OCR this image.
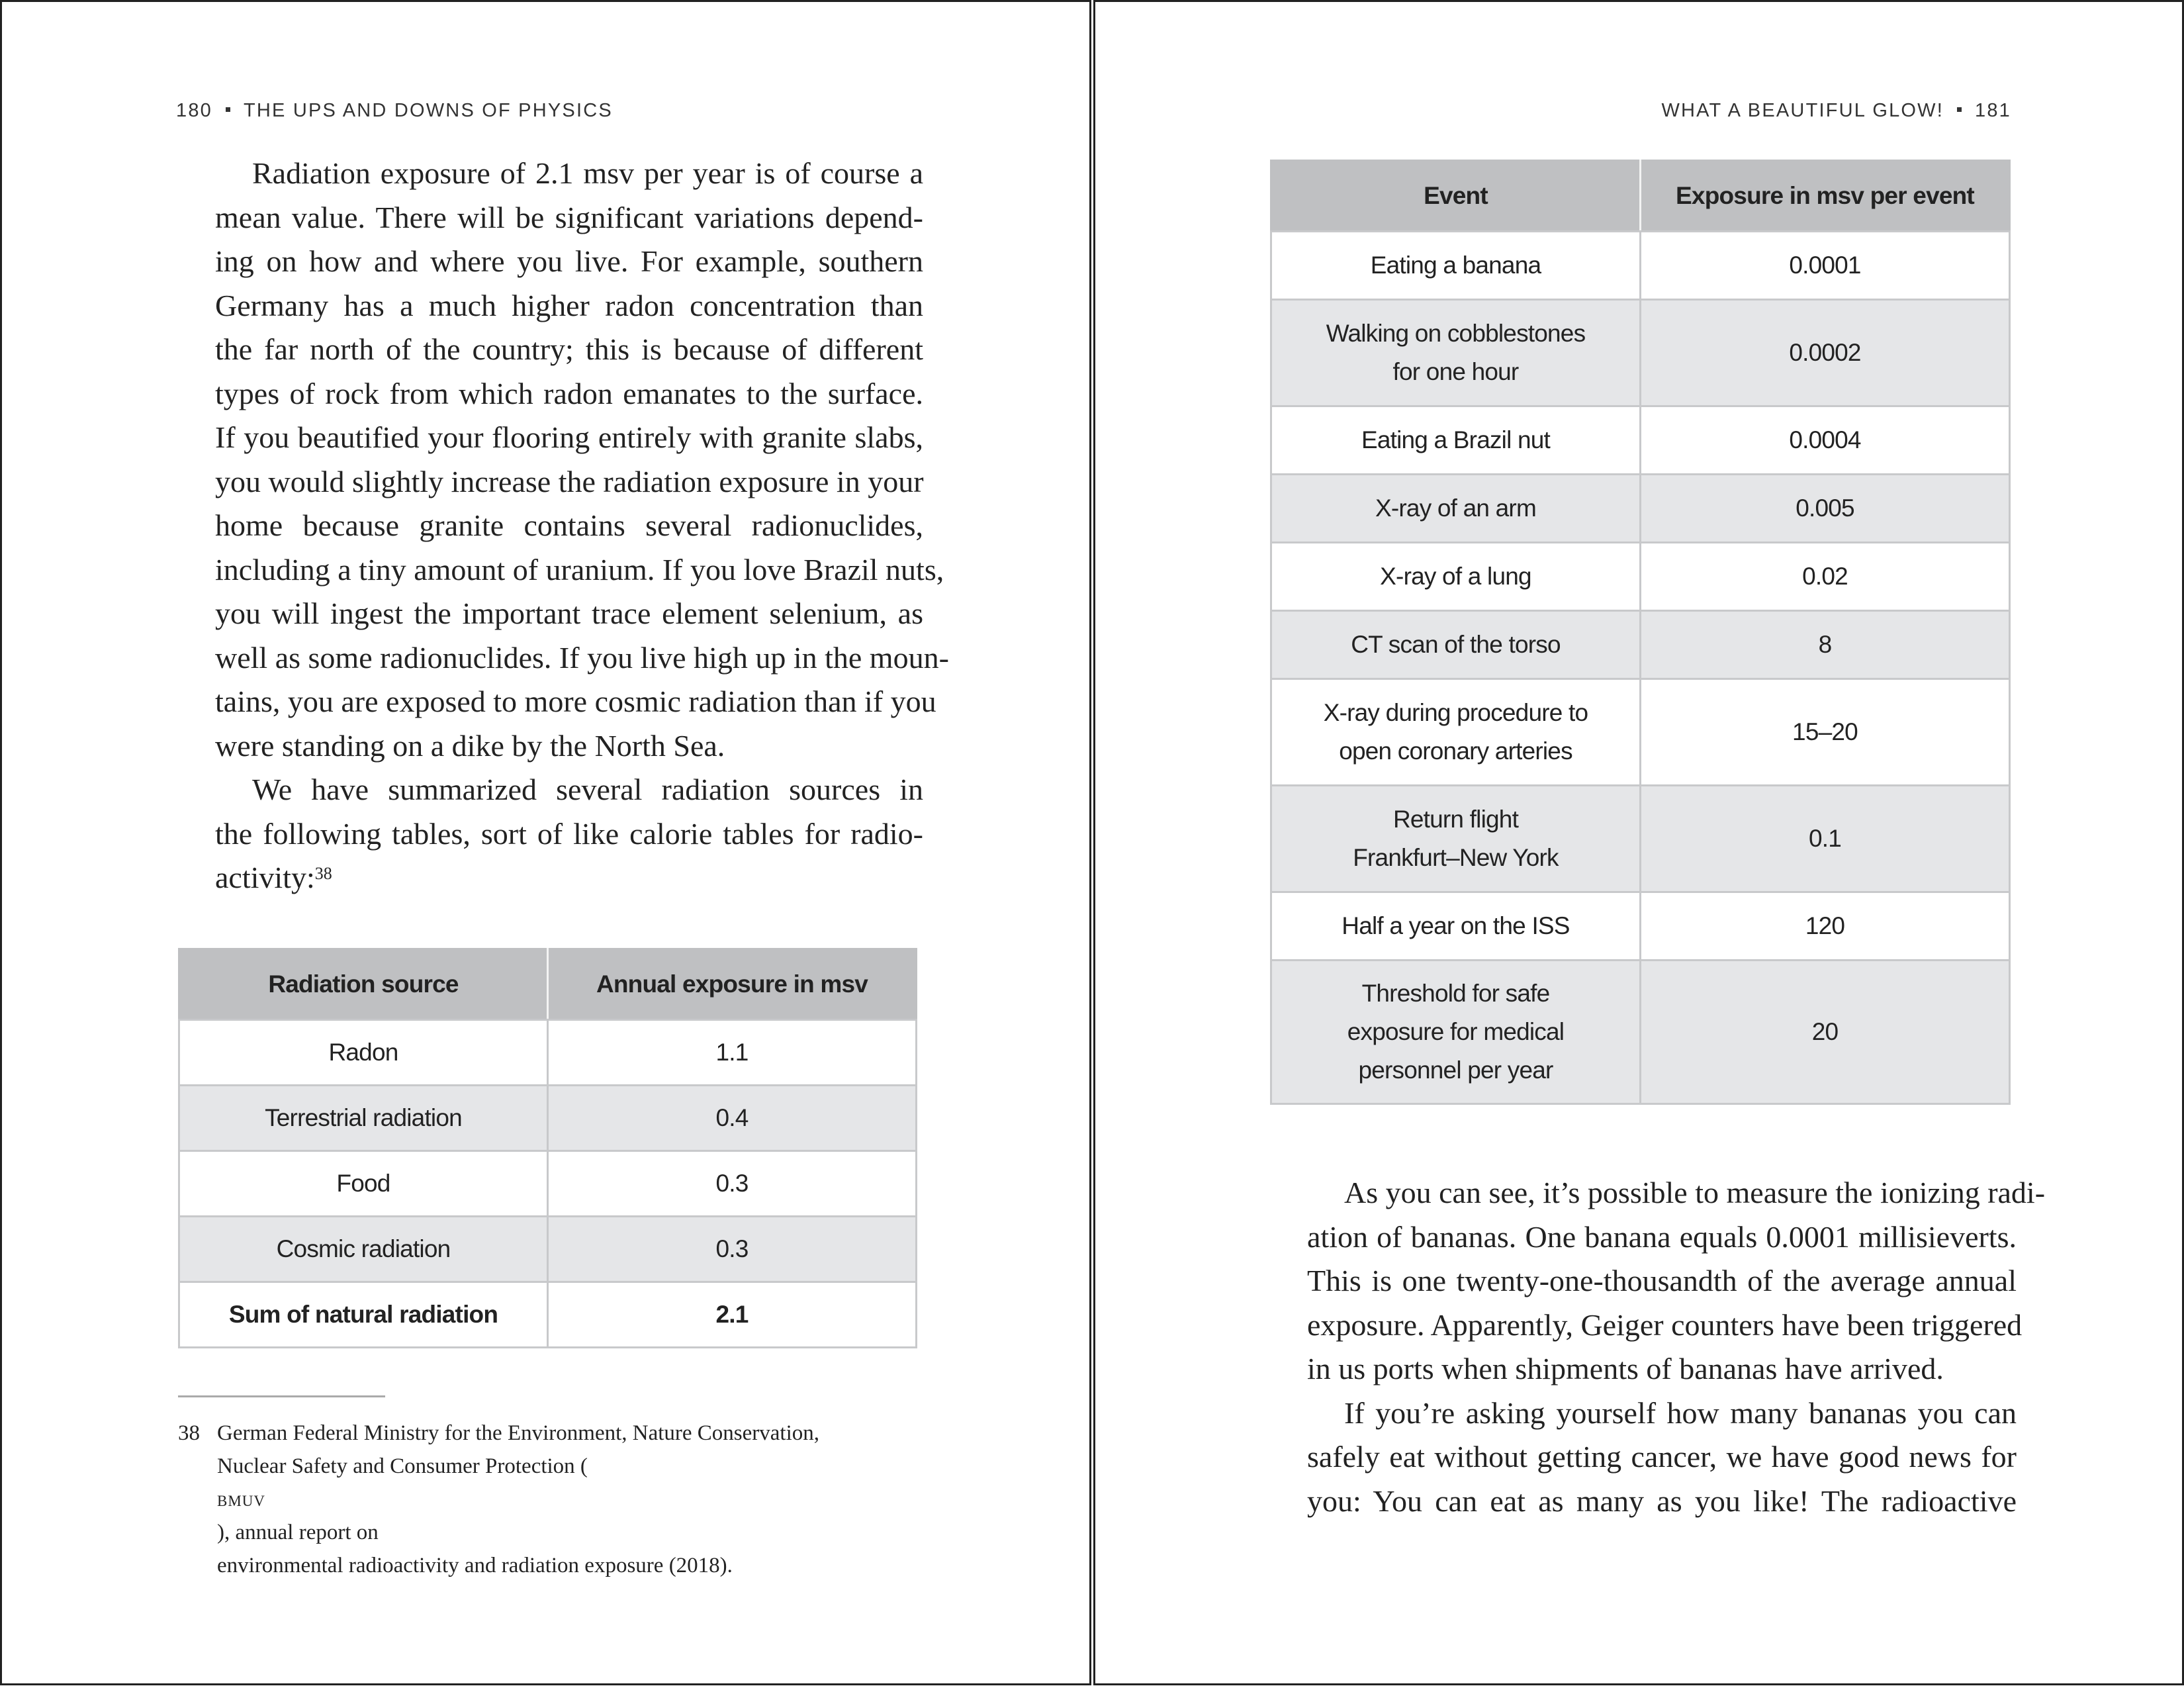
180 THE UPS AND DOWNS OF PHYSICS

Radiation exposure of 2.1 msv per year is of course a
mean value. There will be significant variations depend-
ing on how and where you live. For example, southern
Germany has a much higher radon concentration than
the far north of the country; this is because of different
types of rock from which radon emanates to the surface.
If you beautified your flooring entirely with granite slabs,
you would slightly increase the radiation exposure in your
home because granite contains several radionuclides,
including a tiny amount of uranium. If you love Brazil nuts,
you will ingest the important trace element selenium, as
well as some radionuclides. If you live high up in the moun-
tains, you are exposed to more cosmic radiation than if you
were standing on a dike by the North Sea.

We have summarized several radiation sources in
the following tables, sort of like calorie tables for radio-
activity:$^{38}$

Radiation source	Annual exposure in msv
Radon	1.1
Terrestrial radiation	0.4
Food	0.3
Cosmic radiation	0.3
Sum of natural radiation	2.1
38 German Federal Ministry for the Environment, Nature Conservation,
Nuclear Safety and Consumer Protection (
bmuv
), annual report on
environmental radioactivity and radiation exposure (2018).
WHAT A BEAUTIFUL GLOW! 181
Event	Exposure in msv per event

Eating a banana	0.0001

Walking on cobblestones
for one hour	0.0002

Eating a Brazil nut	0.0004

X-ray of an arm	0.005

X-ray of a lung	0.02

CT scan of the torso	8

X-ray during procedure to
open coronary arteries	15–20

Return flight
Frankfurt–New York	0.1

Half a year on the ISS	120

Threshold for safe
exposure for medical
personnel per year	20

As you can see, it’s possible to measure the ionizing radi-
ation of bananas. One banana equals 0.0001 millisieverts.
This is one twenty-one-thousandth of the average annual
exposure. Apparently, Geiger counters have been triggered
in us ports when shipments of bananas have arrived.

If you’re asking yourself how many bananas you can
safely eat without getting cancer, we have good news for
you: You can eat as many as you like! The radioactive
